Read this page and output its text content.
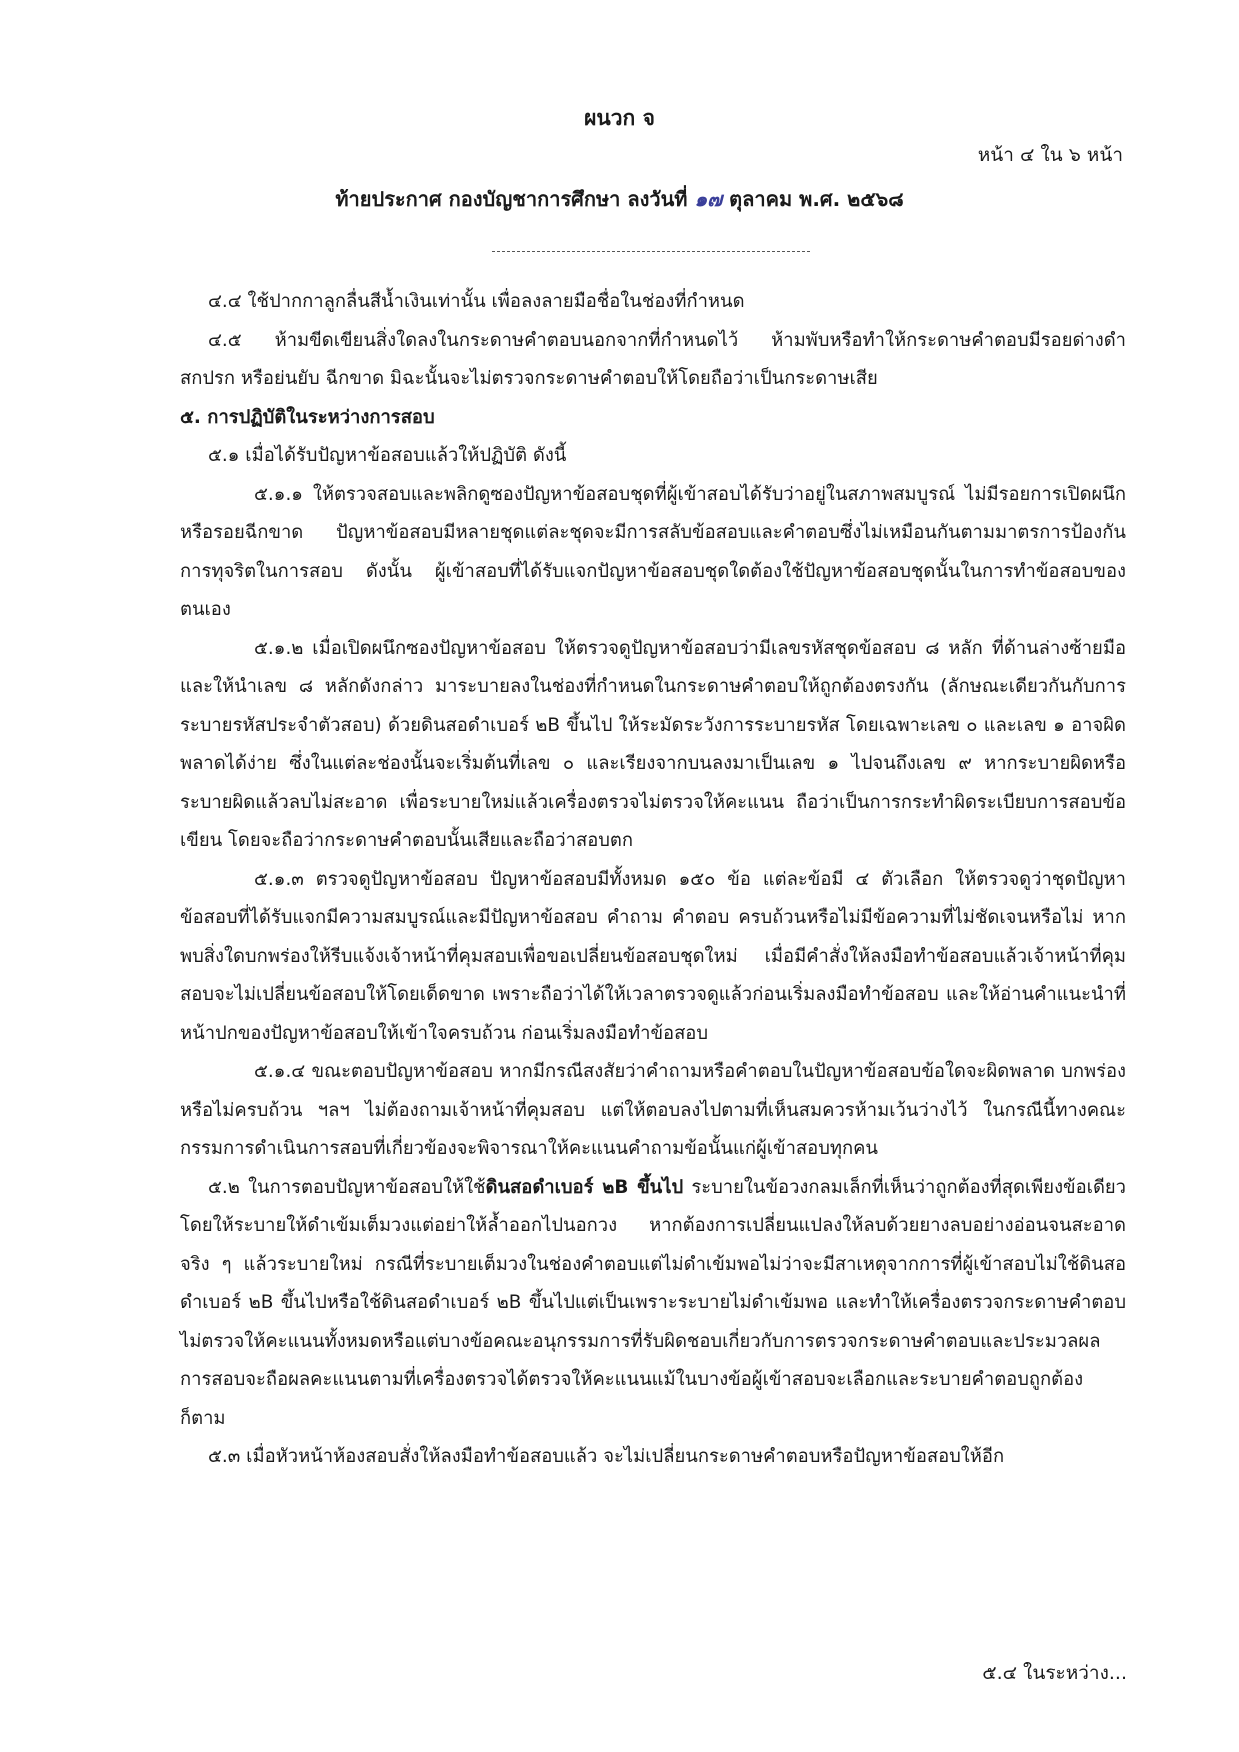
ผนวก จ
หน้า ๔ ใน ๖ หน้า
ท้ายประกาศ กองบัญชาการศึกษา ลงวันที่ ๑๗ ตุลาคม พ.ศ. ๒๕๖๘

๔.๔ ใช้ปากกาลูกลื่นสีน้ำเงินเท่านั้น เพื่อลงลายมือชื่อในช่องที่กำหนด

๔.๕ ห้ามขีดเขียนสิ่งใดลงในกระดาษคำตอบนอกจากที่กำหนดไว้ ห้ามพับหรือทำให้กระดาษคำตอบมีรอยด่างดำ สกปรก หรือย่นยับ ฉีกขาด มิฉะนั้นจะไม่ตรวจกระดาษคำตอบให้โดยถือว่าเป็นกระดาษเสีย

๕. การปฏิบัติในระหว่างการสอบ

๕.๑ เมื่อได้รับปัญหาข้อสอบแล้วให้ปฏิบัติ ดังนี้

๕.๑.๑ ให้ตรวจสอบและพลิกดูซองปัญหาข้อสอบชุดที่ผู้เข้าสอบได้รับว่าอยู่ในสภาพสมบูรณ์ ไม่มีรอยการเปิดผนึกหรือรอยฉีกขาด ปัญหาข้อสอบมีหลายชุดแต่ละชุดจะมีการสลับข้อสอบและคำตอบซึ่งไม่เหมือนกันตามมาตรการป้องกันการทุจริตในการสอบ ดังนั้น ผู้เข้าสอบที่ได้รับแจกปัญหาข้อสอบชุดใดต้องใช้ปัญหาข้อสอบชุดนั้นในการทำข้อสอบของตนเอง

๕.๑.๒ เมื่อเปิดผนึกซองปัญหาข้อสอบ ให้ตรวจดูปัญหาข้อสอบว่ามีเลขรหัสชุดข้อสอบ ๘ หลัก ที่ด้านล่างซ้ายมือ และให้นำเลข ๘ หลักดังกล่าว มาระบายลงในช่องที่กำหนดในกระดาษคำตอบให้ถูกต้องตรงกัน (ลักษณะเดียวกันกับการระบายรหัสประจำตัวสอบ) ด้วยดินสอดำเบอร์ ๒B ขึ้นไป ให้ระมัดระวังการระบายรหัส โดยเฉพาะเลข ๐ และเลข ๑ อาจผิดพลาดได้ง่าย ซึ่งในแต่ละช่องนั้นจะเริ่มต้นที่เลข ๐ และเรียงจากบนลงมาเป็นเลข ๑ ไปจนถึงเลข ๙ หากระบายผิดหรือระบายผิดแล้วลบไม่สะอาด เพื่อระบายใหม่แล้วเครื่องตรวจไม่ตรวจให้คะแนน ถือว่าเป็นการกระทำผิดระเบียบการสอบข้อเขียน โดยจะถือว่ากระดาษคำตอบนั้นเสียและถือว่าสอบตก

๕.๑.๓ ตรวจดูปัญหาข้อสอบ ปัญหาข้อสอบมีทั้งหมด ๑๕๐ ข้อ แต่ละข้อมี ๔ ตัวเลือก ให้ตรวจดูว่าชุดปัญหาข้อสอบที่ได้รับแจกมีความสมบูรณ์และมีปัญหาข้อสอบ คำถาม คำตอบ ครบถ้วนหรือไม่มีข้อความที่ไม่ชัดเจนหรือไม่ หากพบสิ่งใดบกพร่องให้รีบแจ้งเจ้าหน้าที่คุมสอบเพื่อขอเปลี่ยนข้อสอบชุดใหม่ เมื่อมีคำสั่งให้ลงมือทำข้อสอบแล้วเจ้าหน้าที่คุมสอบจะไม่เปลี่ยนข้อสอบให้โดยเด็ดขาด เพราะถือว่าได้ให้เวลาตรวจดูแล้วก่อนเริ่มลงมือทำข้อสอบ และให้อ่านคำแนะนำที่หน้าปกของปัญหาข้อสอบให้เข้าใจครบถ้วน ก่อนเริ่มลงมือทำข้อสอบ

๕.๑.๔ ขณะตอบปัญหาข้อสอบ หากมีกรณีสงสัยว่าคำถามหรือคำตอบในปัญหาข้อสอบข้อใดจะผิดพลาด บกพร่องหรือไม่ครบถ้วน ฯลฯ ไม่ต้องถามเจ้าหน้าที่คุมสอบ แต่ให้ตอบลงไปตามที่เห็นสมควรห้ามเว้นว่างไว้ ในกรณีนี้ทางคณะกรรมการดำเนินการสอบที่เกี่ยวข้องจะพิจารณาให้คะแนนคำถามข้อนั้นแก่ผู้เข้าสอบทุกคน

๕.๒ ในการตอบปัญหาข้อสอบให้ใช้ดินสอดำเบอร์ ๒B ขึ้นไป ระบายในข้อวงกลมเล็กที่เห็นว่าถูกต้องที่สุดเพียงข้อเดียว โดยให้ระบายให้ดำเข้มเต็มวงแต่อย่าให้ล้ำออกไปนอกวง หากต้องการเปลี่ยนแปลงให้ลบด้วยยางลบอย่างอ่อนจนสะอาดจริง ๆ แล้วระบายใหม่ กรณีที่ระบายเต็มวงในช่องคำตอบแต่ไม่ดำเข้มพอไม่ว่าจะมีสาเหตุจากการที่ผู้เข้าสอบไม่ใช้ดินสอดำเบอร์ ๒B ขึ้นไปหรือใช้ดินสอดำเบอร์ ๒B ขึ้นไปแต่เป็นเพราะระบายไม่ดำเข้มพอ และทำให้เครื่องตรวจกระดาษคำตอบไม่ตรวจให้คะแนนทั้งหมดหรือแต่บางข้อคณะอนุกรรมการที่รับผิดชอบเกี่ยวกับการตรวจกระดาษคำตอบและประมวลผลการสอบจะถือผลคะแนนตามที่เครื่องตรวจได้ตรวจให้คะแนนแม้ในบางข้อผู้เข้าสอบจะเลือกและระบายคำตอบถูกต้องก็ตาม

๕.๓ เมื่อหัวหน้าห้องสอบสั่งให้ลงมือทำข้อสอบแล้ว จะไม่เปลี่ยนกระดาษคำตอบหรือปัญหาข้อสอบให้อีก

๕.๔ ในระหว่าง...
